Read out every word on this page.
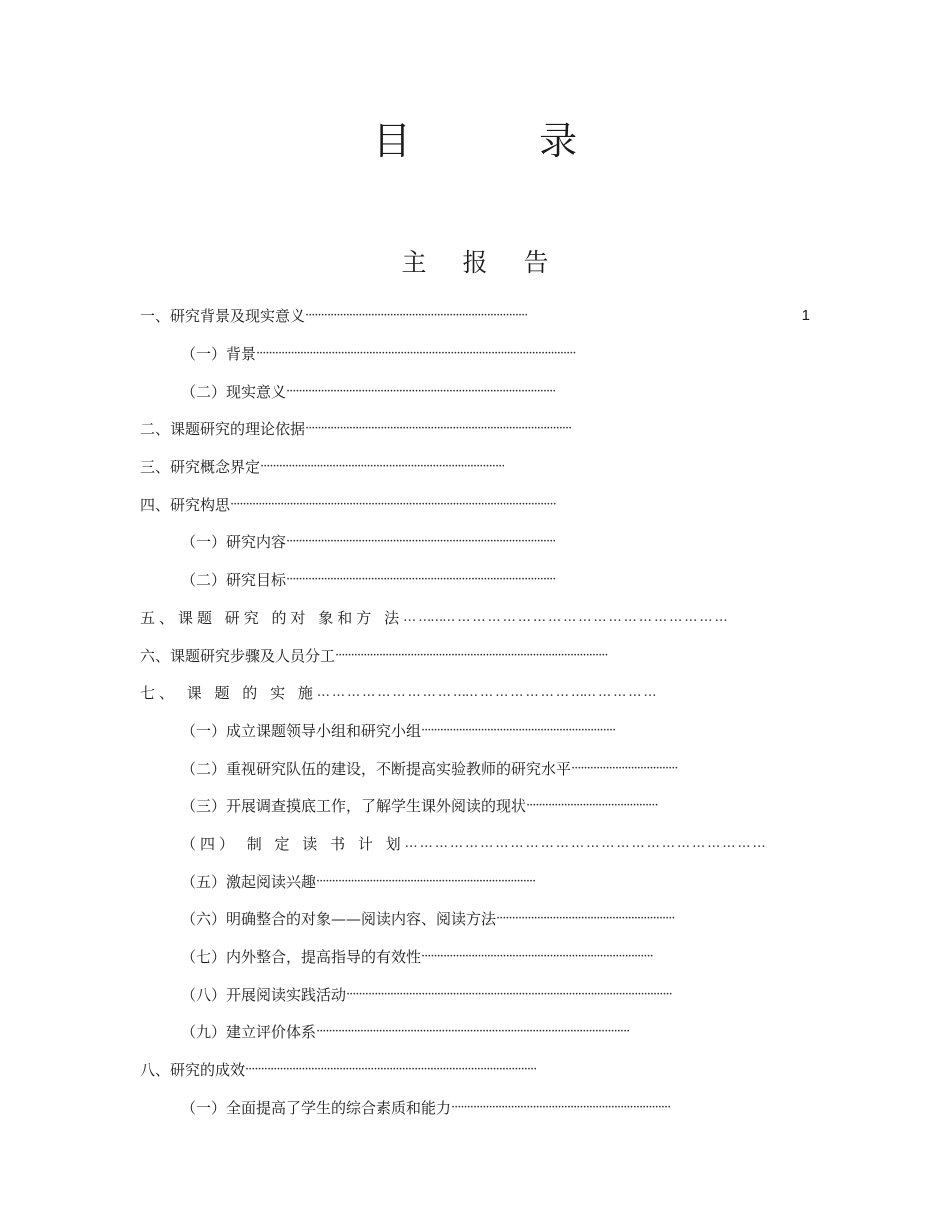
目	录
主 报 告
一、研究背景及现实意义 ·······································································	1
（一）背景 ······································································································
（二）现实意义 ······················································································
二、课题研究的理论依据 ·····················································································
三、研究概念界定 ··············································································
四、研究构思 ········································································································
（一）研究内容 ······················································································
（二）研究目标 ······················································································
五、课题 研究 的对 象和方 法 … ……… … … … … … … … … … … … … … … … … … …
六、课题研究步骤及人员分工 ·······················································································
七、 课 题 的 实 施 … … … … … … … … … …… … … … … … … …… … … … …
（一）成立课题领导小组和研究小组 ······························································
（二）重视研究队伍的建设，不断提高实验教师的研究水平 ··································
（三）开展调查摸底工作，了解学生课外阅读的现状 ··········································
（四） 制 定 读 书 计 划 … … … … … … … … … … … … … … … … … … … … … … … …
（五）激起阅读兴趣 ······································································
（六）明确整合的对象——阅读内容、阅读方法 ·························································
（七）内外整合，提高指导的有效性 ··········································································
（八）开展阅读实践活动 ········································································································
（九）建立评价体系 ····································································································
八、研究的成效 ·····························································································
（一）全面提高了学生的综合素质和能力 ······································································
